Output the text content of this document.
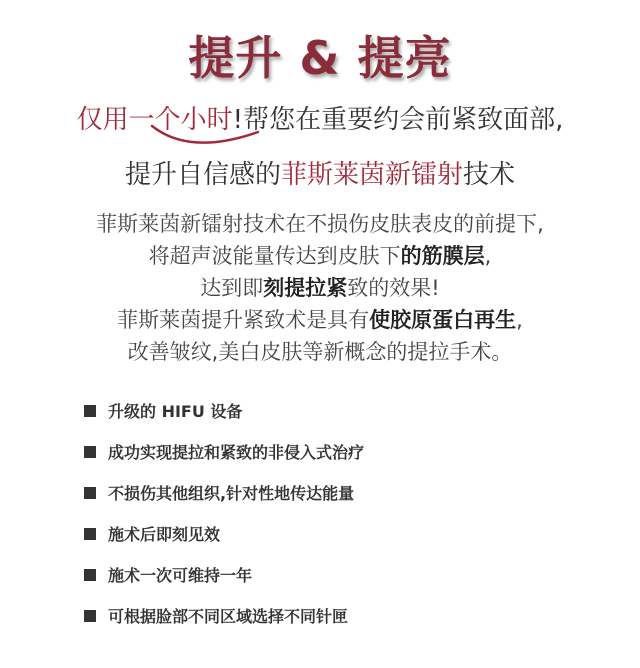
提升 & 提亮
仅用一个小时!帮您在重要约会前紧致面部,
提升自信感的菲斯莱茵新镭射技术
菲斯莱茵新镭射技术在不损伤皮肤表皮的前提下,
将超声波能量传达到皮肤下的筋膜层,
达到即刻提拉紧致的效果!
菲斯莱茵提升紧致术是具有使胶原蛋白再生,
改善皱纹,美白皮肤等新概念的提拉手术。
升级的 HIFU 设备
成功实现提拉和紧致的非侵入式治疗
不损伤其他组织,针对性地传达能量
施术后即刻见效
施术一次可维持一年
可根据脸部不同区域选择不同针匣
